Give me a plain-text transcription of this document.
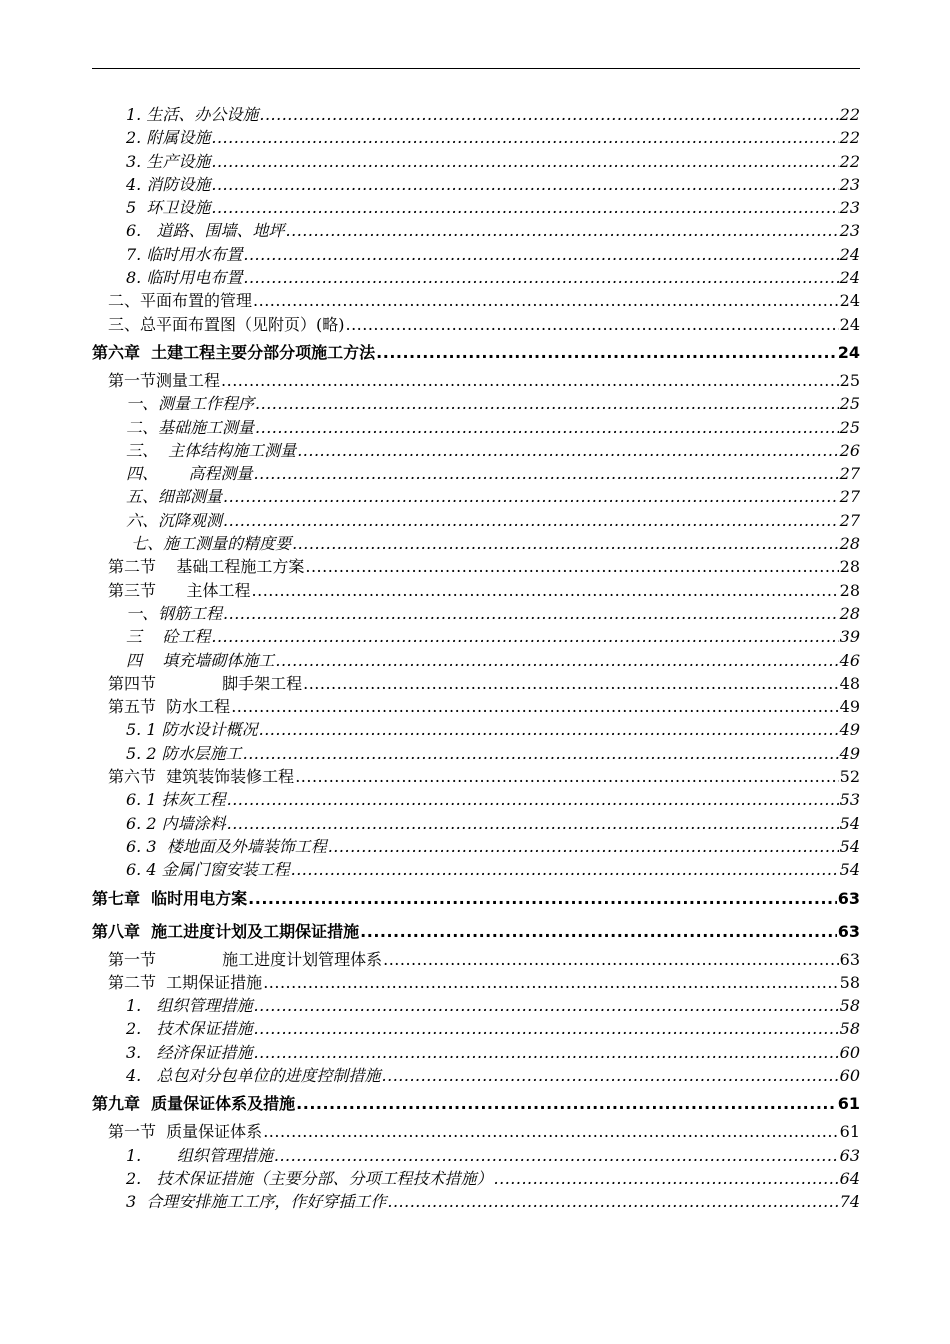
1. 生活、办公设施 .....	22
2. 附属设施 .....	22
3. 生产设施 .....	22
4. 消防设施 .....	23
5  环卫设施 .....	23
6.   道路、围墙、地坪 .....	23
7. 临时用水布置 .....	24
8. 临时用电布置 .....	24
二、平面布置的管理 .....	24
三、总平面布置图（见附页）(略) .....	24
第六章  土建工程主要分部分项施工方法 .....	24
第一节测量工程 .....	25
一、测量工作程序 .....	25
二、基础施工测量 .....	25
三、  主体结构施工测量 .....	26
四、      高程测量 .....	27
五、细部测量 .....	27
六、沉降观测 .....	27
七、施工测量的精度要 .....	28
第二节    基础工程施工方案 .....	28
第三节      主体工程 .....	28
一、钢筋工程 .....	28
三    砼工程 .....	39
四    填充墙砌体施工 .....	46
第四节             脚手架工程 .....	48
第五节  防水工程 .....	49
5. 1 防水设计概况 .....	49
5. 2 防水层施工 .....	49
第六节  建筑装饰装修工程 .....	52
6. 1 抹灰工程 .....	53
6. 2 内墙涂料 .....	54
6. 3  楼地面及外墙装饰工程 .....	54
6. 4 金属门窗安装工程 .....	54
第七章  临时用电方案 .....	63
第八章  施工进度计划及工期保证措施 .....	63
第一节             施工进度计划管理体系 .....	63
第二节  工期保证措施 .....	58
1.   组织管理措施 .....	58
2.   技术保证措施 .....	58
3.   经济保证措施 .....	60
4.   总包对分包单位的进度控制措施 .....	60
第九章  质量保证体系及措施 .....	61
第一节  质量保证体系 .....	61
1.       组织管理措施 .....	63
2.   技术保证措施（主要分部、分项工程技术措施） .....	64
3  合理安排施工工序，作好穿插工作 .....	74
